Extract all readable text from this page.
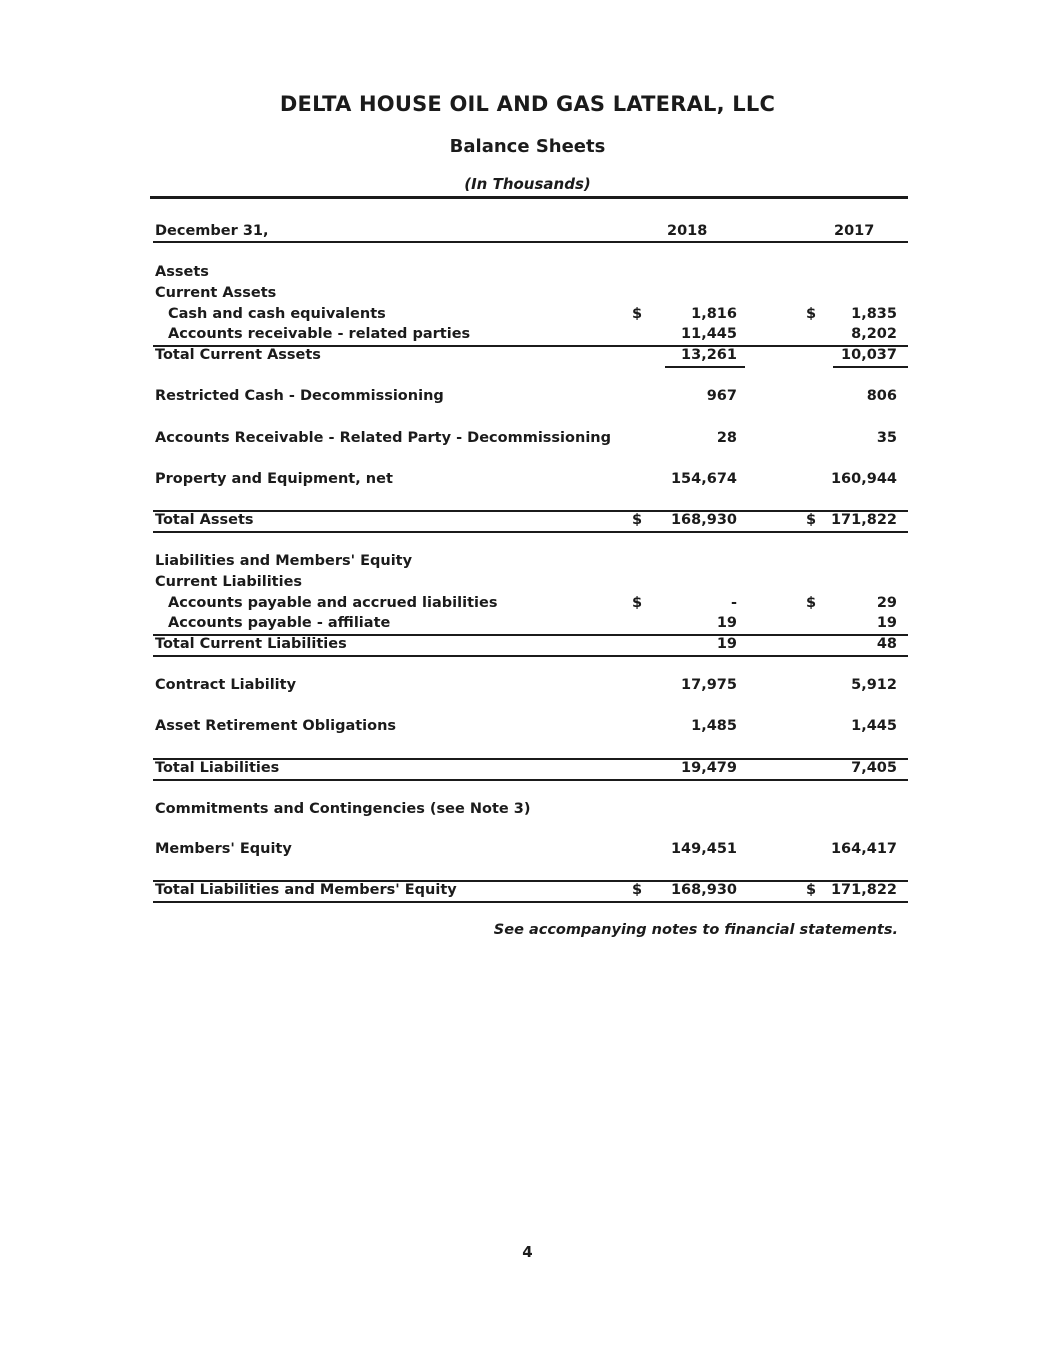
DELTA HOUSE OIL AND GAS LATERAL, LLC
Balance Sheets
(In Thousands)
December 31,	2018	2017
Assets
Current Assets
Cash and cash equivalents	$	1,816	$ 1,835
Accounts receivable - related parties	11,445	8,202
Total Current Assets	13,261	10,037
Restricted Cash - Decommissioning	967	806
Accounts Receivable - Related Party - Decommissioning	28	35
Property and Equipment, net	154,674	160,944
Total Assets	$ 168,930	$ 171,822
Liabilities and Members' Equity
Current Liabilities
Accounts payable and accrued liabilities	$	-	$	29
Accounts payable - affiliate	19	19
Total Current Liabilities	19	48
Contract Liability	17,975	5,912
Asset Retirement Obligations	1,485	1,445
Total Liabilities	19,479	7,405
Commitments and Contingencies (see Note 3)
Members' Equity	149,451	164,417
Total Liabilities and Members' Equity	$ 168,930	$ 171,822
See accompanying notes to financial statements.
4
